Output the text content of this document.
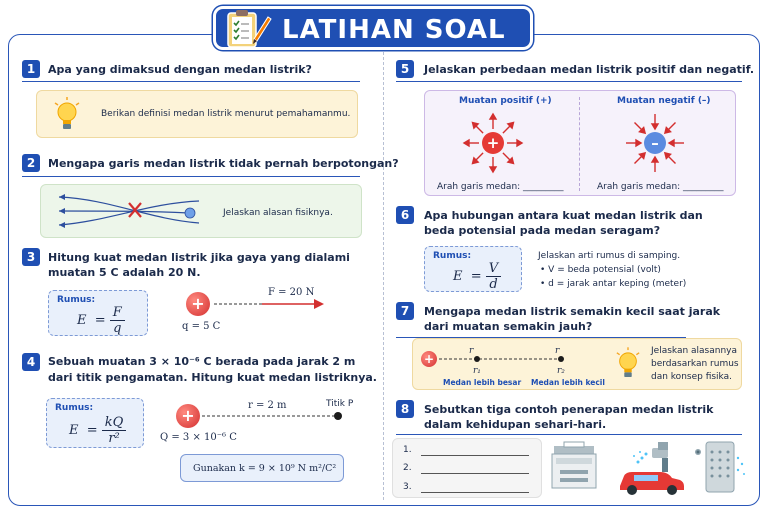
LATIHAN SOAL
1	Apa yang dimaksud dengan medan listrik?
Berikan definisi medan listrik menurut pemahamanmu.
2	Mengapa garis medan listrik tidak pernah berpotongan?
Jelaskan alasan fisiknya.
3	Hitung kuat medan listrik jika gaya yang dialami
muatan 5 C adalah 20 N.
Rumus:
$E = \frac{F}{q}$
+
F = 20 N
q = 5 C
4	Sebuah muatan 3 × 10⁻⁶ C berada pada jarak 2 m
dari titik pengamatan. Hitung kuat medan listriknya.
Rumus:
$E = \frac{kQ}{\text{r²}}$	+
r = 2 m	Titik P
Q = 3 × 10⁻⁶ C
Gunakan k = 9 × 10⁹ N m²/C²
5	Jelaskan perbedaan medan listrik positif dan negatif.
Muatan positif (+)	Muatan negatif (–)
+	–
Arah garis medan: _________	Arah garis medan: _________
6	Apa hubungan antara kuat medan listrik dan
beda potensial pada medan seragam?
Rumus:
$E = \frac{V}{d}$
Jelaskan arti rumus di samping.
• V = beda potensial (volt)
• d = jarak antar keping (meter)
7	Mengapa medan listrik semakin kecil saat jarak
dari muatan semakin jauh?
+
r	r
r₁	r₂
Medan lebih besar Medan lebih kecil
Jelaskan alasannya
berdasarkan rumus
dan konsep fisika.
8	Sebutkan tiga contoh penerapan medan listrik
dalam kehidupan sehari-hari.
1.
2.
3.
